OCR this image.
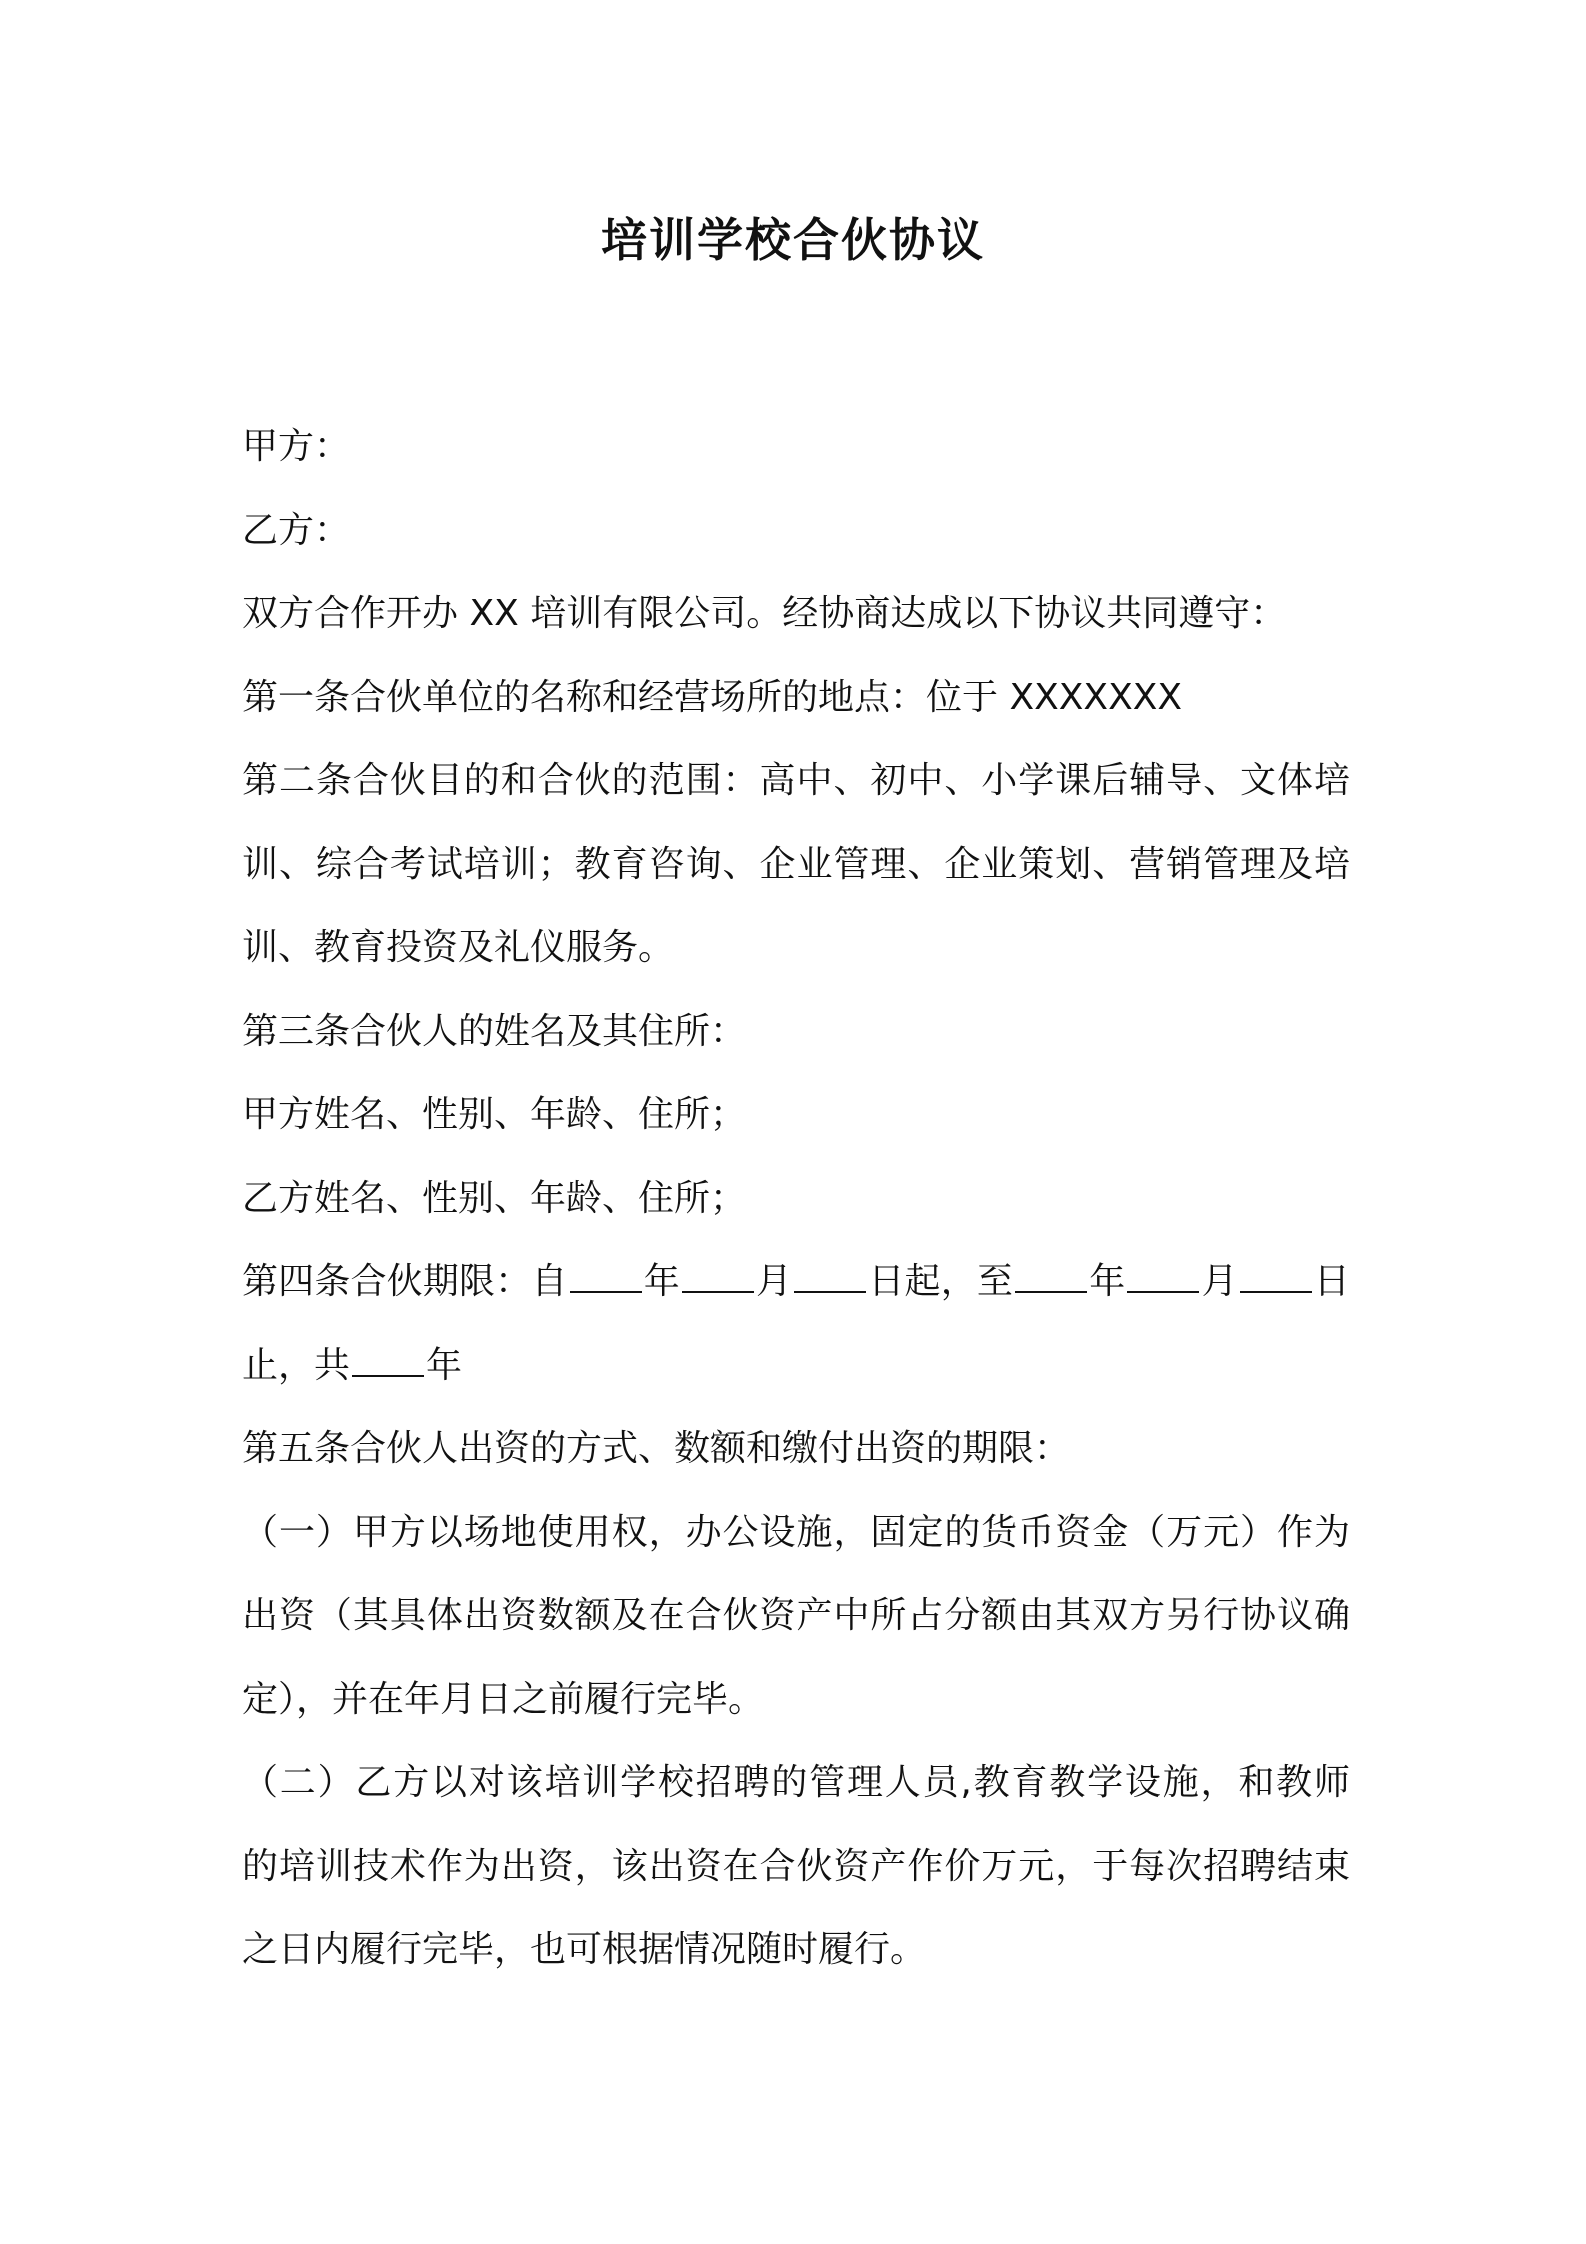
培训学校合伙协议
甲方：
乙方：
双方合作开办 XX 培训有限公司。经协商达成以下协议共同遵守：
第一条合伙单位的名称和经营场所的地点：位于 XXXXXXX
第二条合伙目的和合伙的范围：高中、初中、小学课后辅导、文体培
训、综合考试培训；教育咨询、企业管理、企业策划、营销管理及培
训、教育投资及礼仪服务。
第三条合伙人的姓名及其住所：
甲方姓名、性别、年龄、住所；
乙方姓名、性别、年龄、住所；
第四条合伙期限：自 年 月 日起，至 年 月 日
止，共 年
第五条合伙人出资的方式、数额和缴付出资的期限：
（一）甲方以场地使用权，办公设施，固定的货币资金（万元）作为
出资（其具体出资数额及在合伙资产中所占分额由其双方另行协议确
定），并在年月日之前履行完毕。
（二）乙方以对该培训学校招聘的管理人员,教育教学设施，和教师
的培训技术作为出资，该出资在合伙资产作价万元，于每次招聘结束
之日内履行完毕，也可根据情况随时履行。
